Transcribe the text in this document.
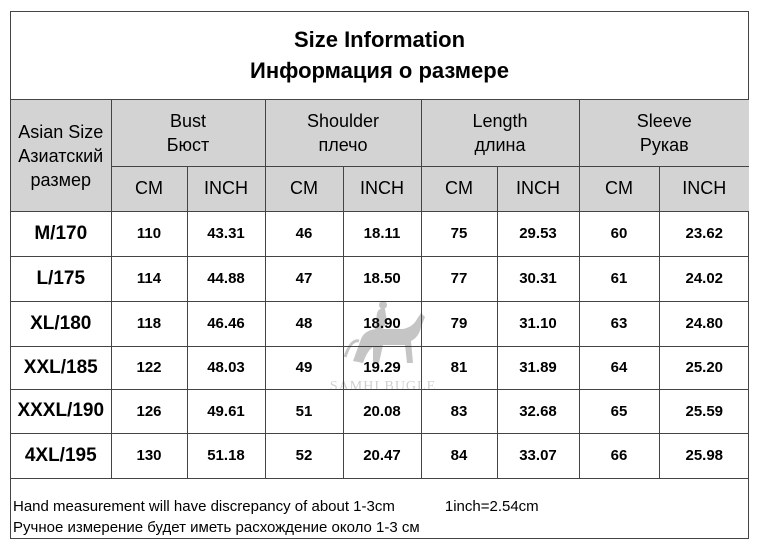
Size Information
Информация о размере
Asian Size
Азиатский
размер	Bust
Бюст		Shoulder
плечо		Length
длина		Sleeve
Рукав	

	CM	INCH	CM	INCH	CM	INCH	CM	INCH
M/170	110	43.31	46	18.11	75	29.53	60	23.62
L/175	114	44.88	47	18.50	77	30.31	61	24.02
XL/180	118	46.46	48	18.90	79	31.10	63	24.80
XXL/185	122	48.03	49	19.29	81	31.89	64	25.20
XXXL/190	126	49.61	51	20.08	83	32.68	65	25.59
4XL/195	130	51.18	52	20.47	84	33.07	66	25.98
SAMHI BUGLE
Hand measurement will have discrepancy of about 1-3cm	1inch=2.54cm
Ручное измерение будет иметь расхождение около 1-3 см
